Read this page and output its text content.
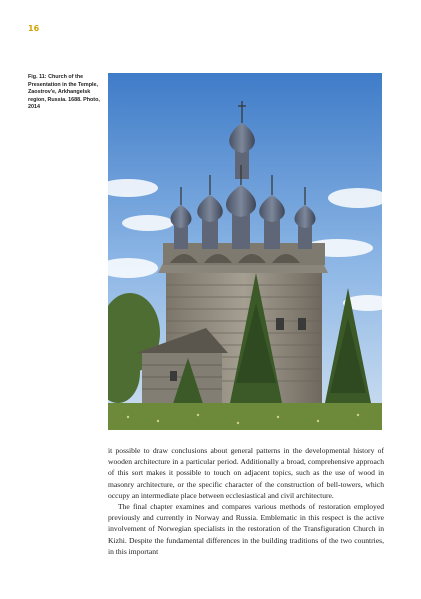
16
Fig. 11: Church of the Presentation in the Temple, Zaostrov'e, Arkhangelsk region, Russia. 1688. Photo, 2014

it possible to draw conclusions about general patterns in the developmental history of wooden architecture in a particular period. Additionally a broad, comprehensive approach of this sort makes it possible to touch on adjacent topics, such as the use of wood in masonry architecture, or the specific character of the construction of bell-towers, which occupy an intermediate place between ecclesiastical and civil architecture.

The final chapter examines and compares various methods of restoration employed previously and currently in Norway and Russia. Emblematic in this respect is the active involvement of Norwegian specialists in the restoration of the Transfiguration Church in Kizhi. Despite the fundamental differences in the building traditions of the two countries, in this important
